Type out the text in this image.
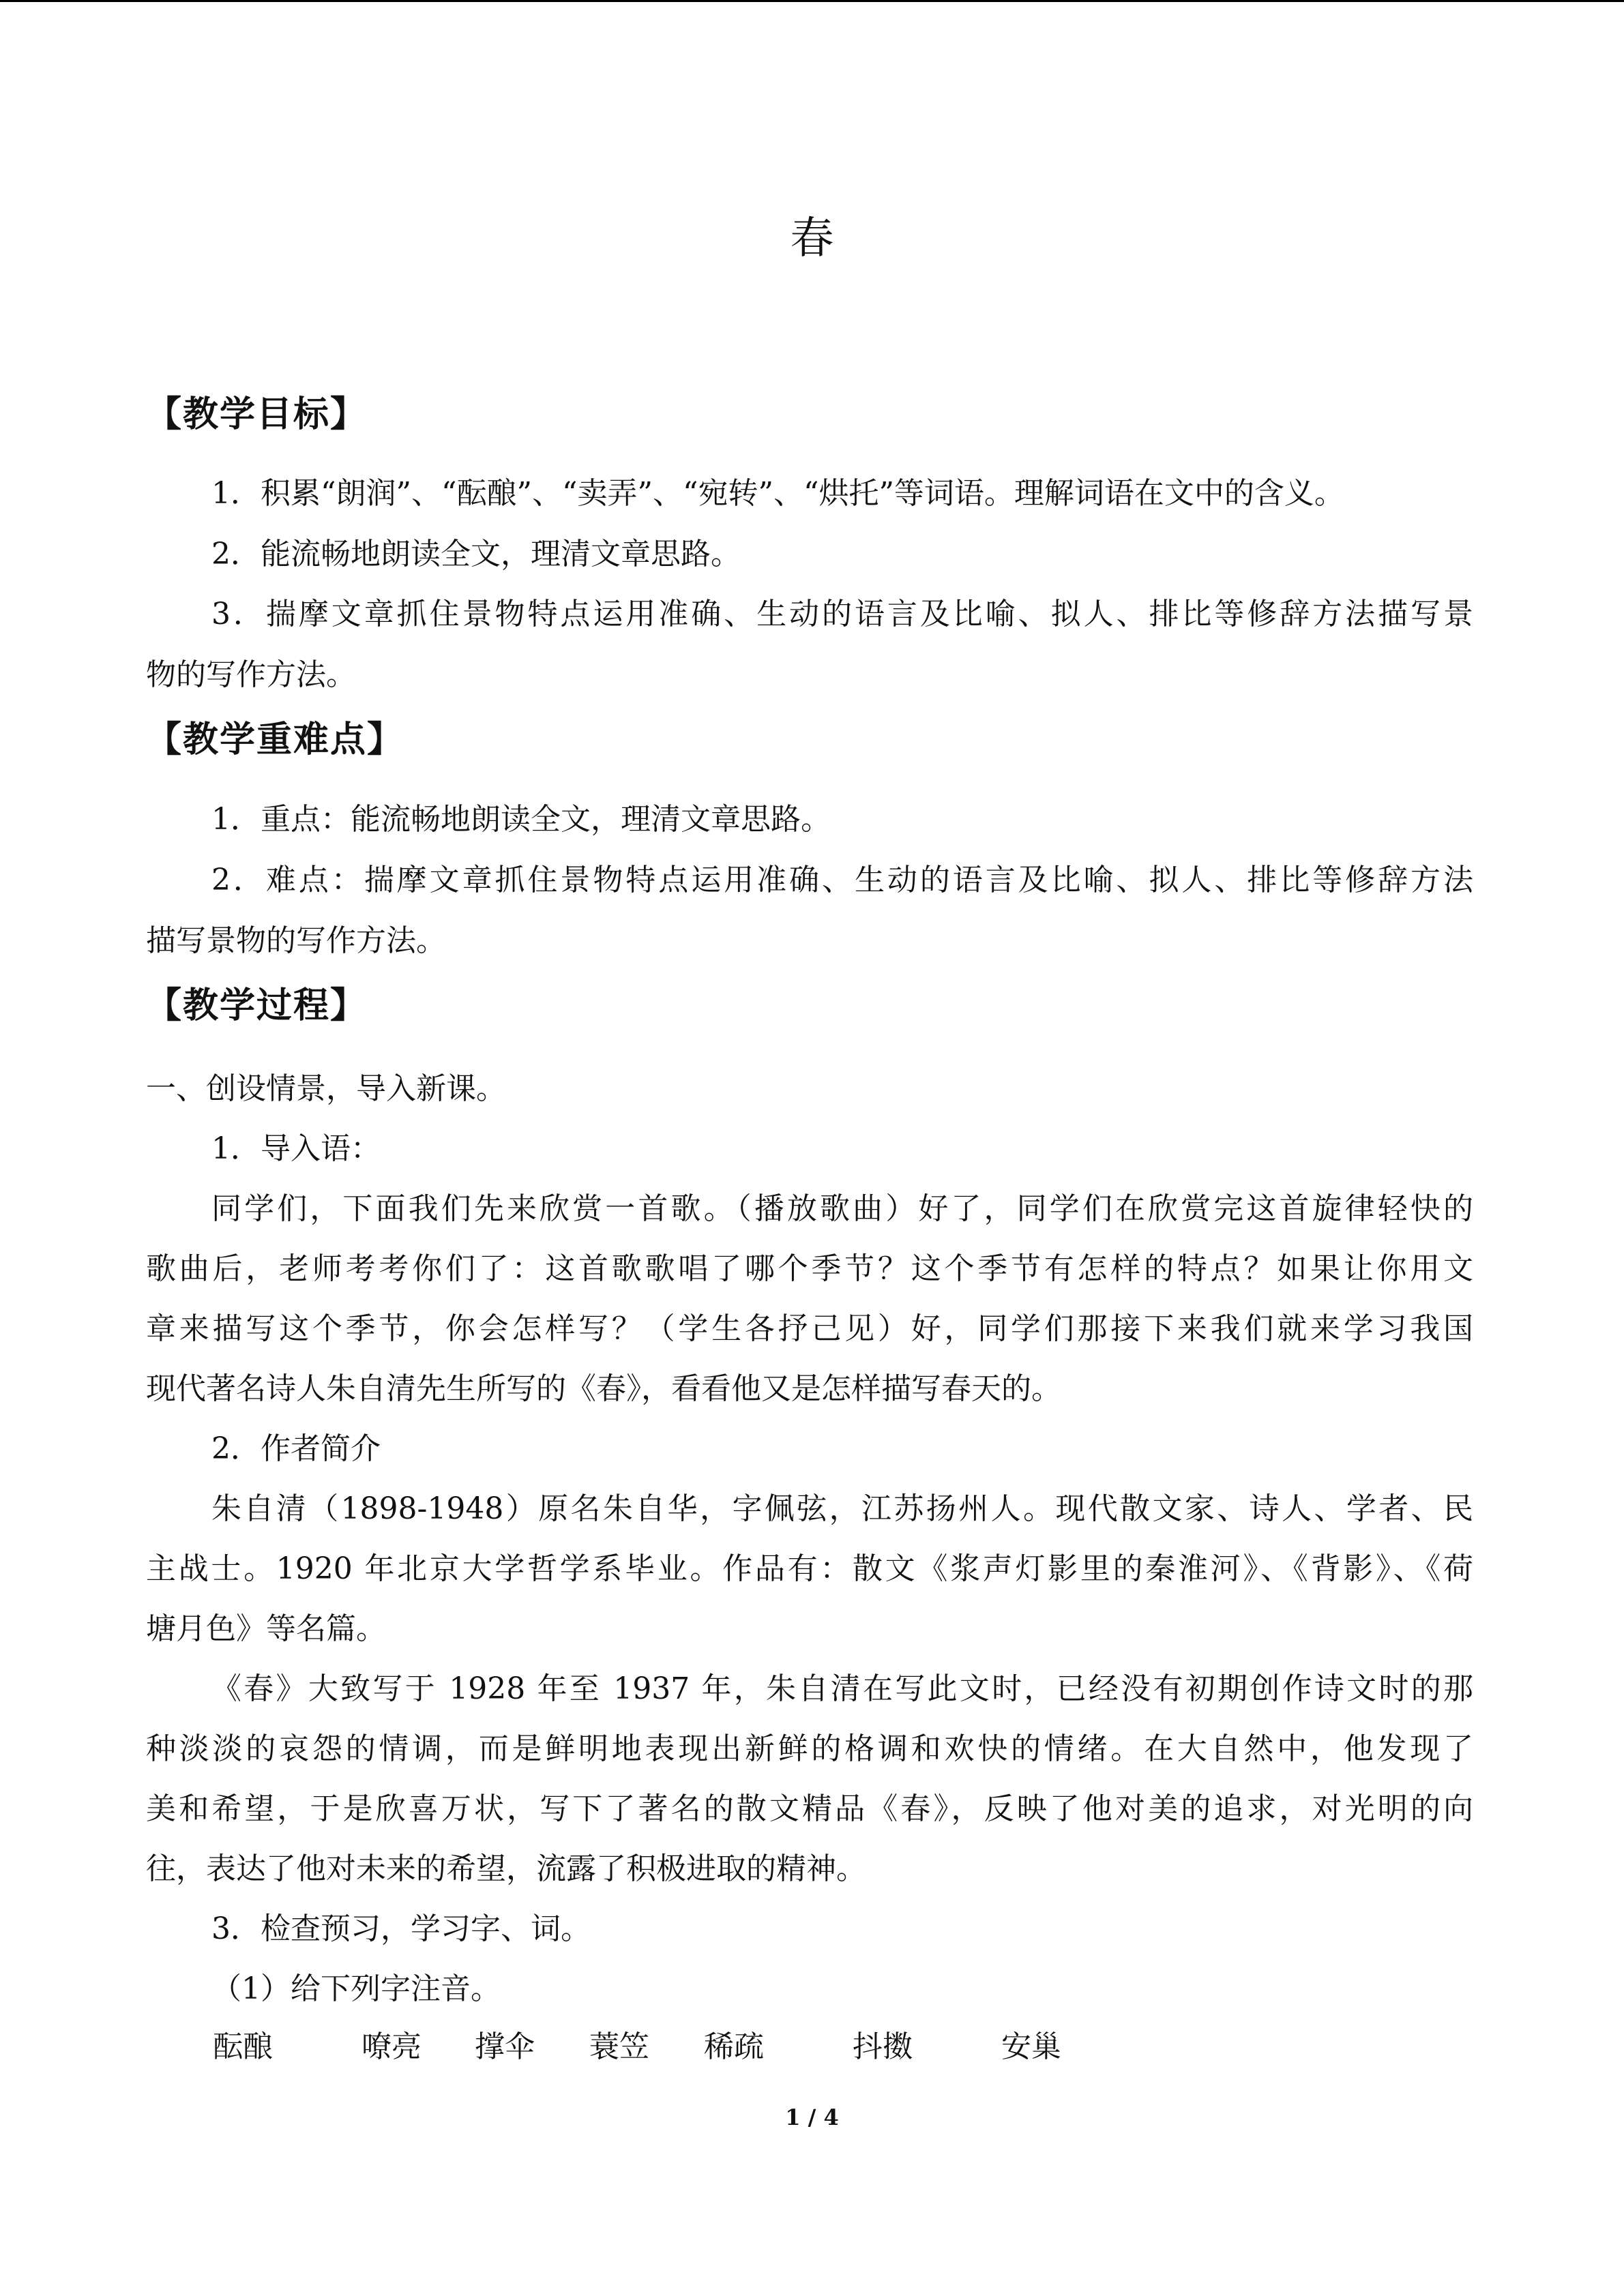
春
【教学目标】
1．积累“朗润”、“酝酿”、“卖弄”、“宛转”、“烘托”等词语。理解词语在文中的含义。
2．能流畅地朗读全文，理清文章思路。
3．揣摩文章抓住景物特点运用准确、生动的语言及比喻、拟人、排比等修辞方法描写景
物的写作方法。
【教学重难点】
1．重点：能流畅地朗读全文，理清文章思路。
2．难点：揣摩文章抓住景物特点运用准确、生动的语言及比喻、拟人、排比等修辞方法
描写景物的写作方法。
【教学过程】
一、创设情景，导入新课。
1．导入语：
同学们，下面我们先来欣赏一首歌。（播放歌曲）好了，同学们在欣赏完这首旋律轻快的
歌曲后，老师考考你们了：这首歌歌唱了哪个季节？这个季节有怎样的特点？如果让你用文
章来描写这个季节，你会怎样写？（学生各抒己见）好，同学们那接下来我们就来学习我国
现代著名诗人朱自清先生所写的《春》，看看他又是怎样描写春天的。
2．作者简介
朱自清（1898-1948）原名朱自华，字佩弦，江苏扬州人。现代散文家、诗人、学者、民
主战士。1920 年北京大学哲学系毕业。作品有：散文《浆声灯影里的秦淮河》、《背影》、《荷
塘月色》等名篇。
《春》大致写于 1928 年至 1937 年，朱自清在写此文时，已经没有初期创作诗文时的那
种淡淡的哀怨的情调，而是鲜明地表现出新鲜的格调和欢快的情绪。在大自然中，他发现了
美和希望，于是欣喜万状，写下了著名的散文精品《春》，反映了他对美的追求，对光明的向
往，表达了他对未来的希望，流露了积极进取的精神。
3．检查预习，学习字、词。
（1）给下列字注音。
酝酿	嘹亮 撑伞 蓑笠 稀疏	抖擞	安巢
1 / 4
